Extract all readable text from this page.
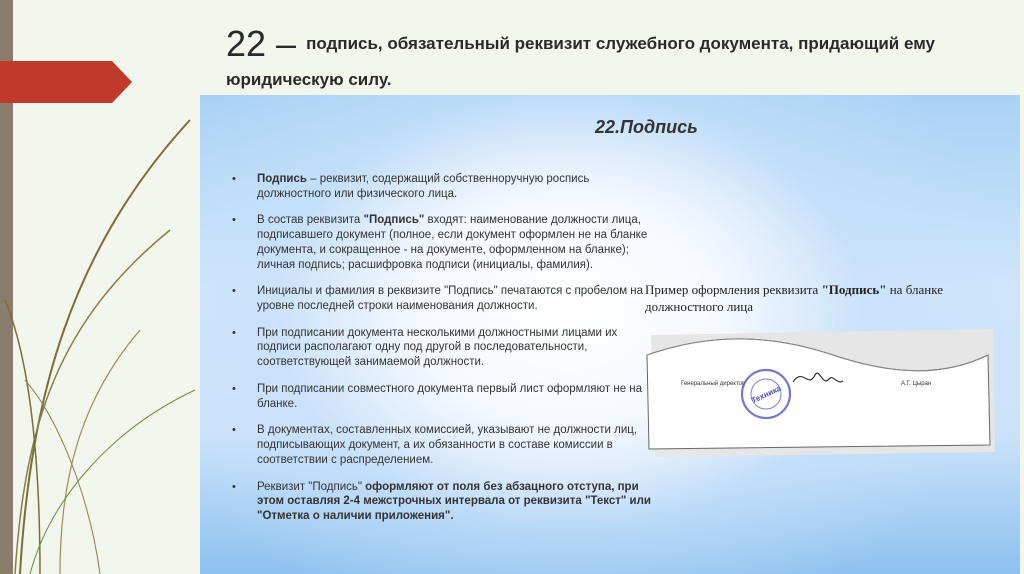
22 – подпись, обязательный реквизит служебного документа, придающий ему юридическую силу.
22.Подпись
• Подпись – реквизит, содержащий собственноручную роспись должностного или физического лица.
• В состав реквизита "Подпись" входят: наименование должности лица, подписавшего документ (полное, если документ оформлен не на бланке документа, и сокращенное - на документе, оформленном на бланке); личная подпись; расшифровка подписи (инициалы, фамилия).
• Инициалы и фамилия в реквизите "Подпись" печатаются с пробелом на уровне последней строки наименования должности.
• При подписании документа несколькими должностными лицами их подписи располагают одну под другой в последовательности, соответствующей занимаемой должности.
• При подписании совместного документа первый лист оформляют не на бланке.
• В документах, составленных комиссией, указывают не должности лиц, подписывающих документ, а их обязанности в составе комиссии в соответствии с распределением.
• Реквизит "Подпись" оформляют от поля без абзацного отступа, при этом оставляя 2-4 межстрочных интервала от реквизита "Текст" или "Отметка о наличии приложения".
Пример оформления реквизита "Подпись" на бланке должностного лица
Генеральный директор Техника	А.Г. Цыран
